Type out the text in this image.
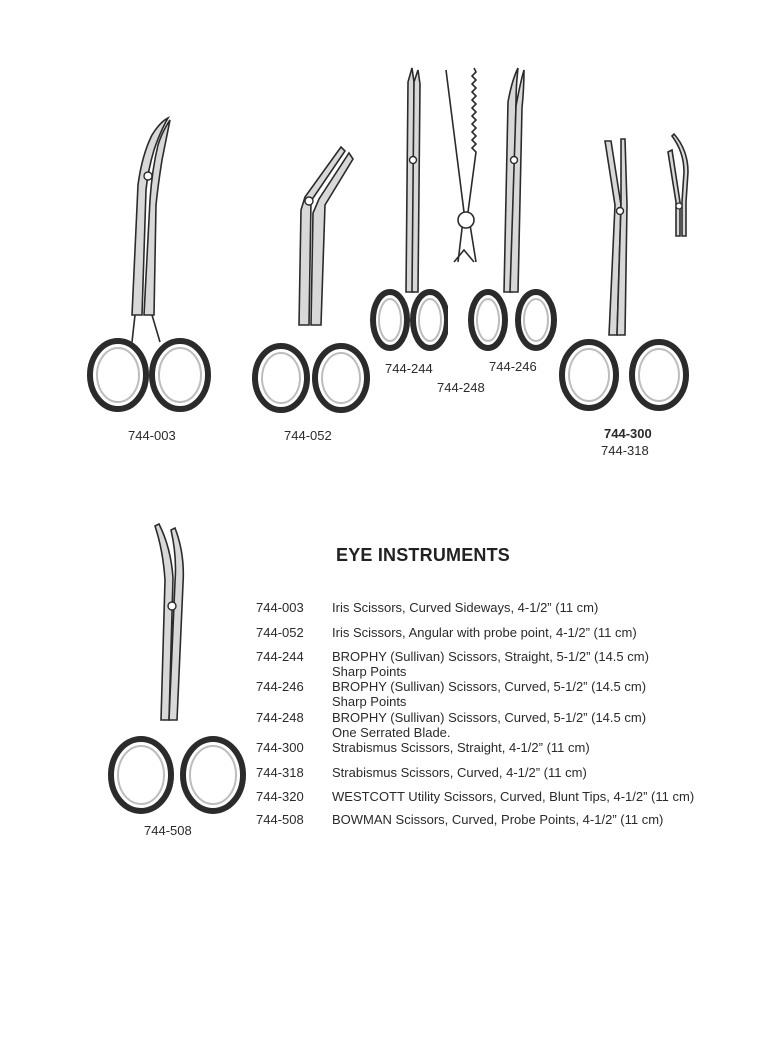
744-003	744-052
744-244
744-248
744-246
744-300
744-318
744-508
EYE INSTRUMENTS
744-003 Iris Scissors, Curved Sideways, 4-1/2” (11 cm)
744-052 Iris Scissors, Angular with probe point, 4-1/2” (11 cm)
744-244 BROPHY (Sullivan) Scissors, Straight, 5-1/2” (14.5 cm)
Sharp Points
744-246 BROPHY (Sullivan) Scissors, Curved, 5-1/2” (14.5 cm)
Sharp Points
744-248 BROPHY (Sullivan) Scissors, Curved, 5-1/2” (14.5 cm)
One Serrated Blade.
744-300 Strabismus Scissors, Straight, 4-1/2” (11 cm)
744-318 Strabismus Scissors, Curved, 4-1/2” (11 cm)
744-320 WESTCOTT Utility Scissors, Curved, Blunt Tips, 4-1/2” (11 cm)
744-508 BOWMAN Scissors, Curved, Probe Points, 4-1/2” (11 cm)
